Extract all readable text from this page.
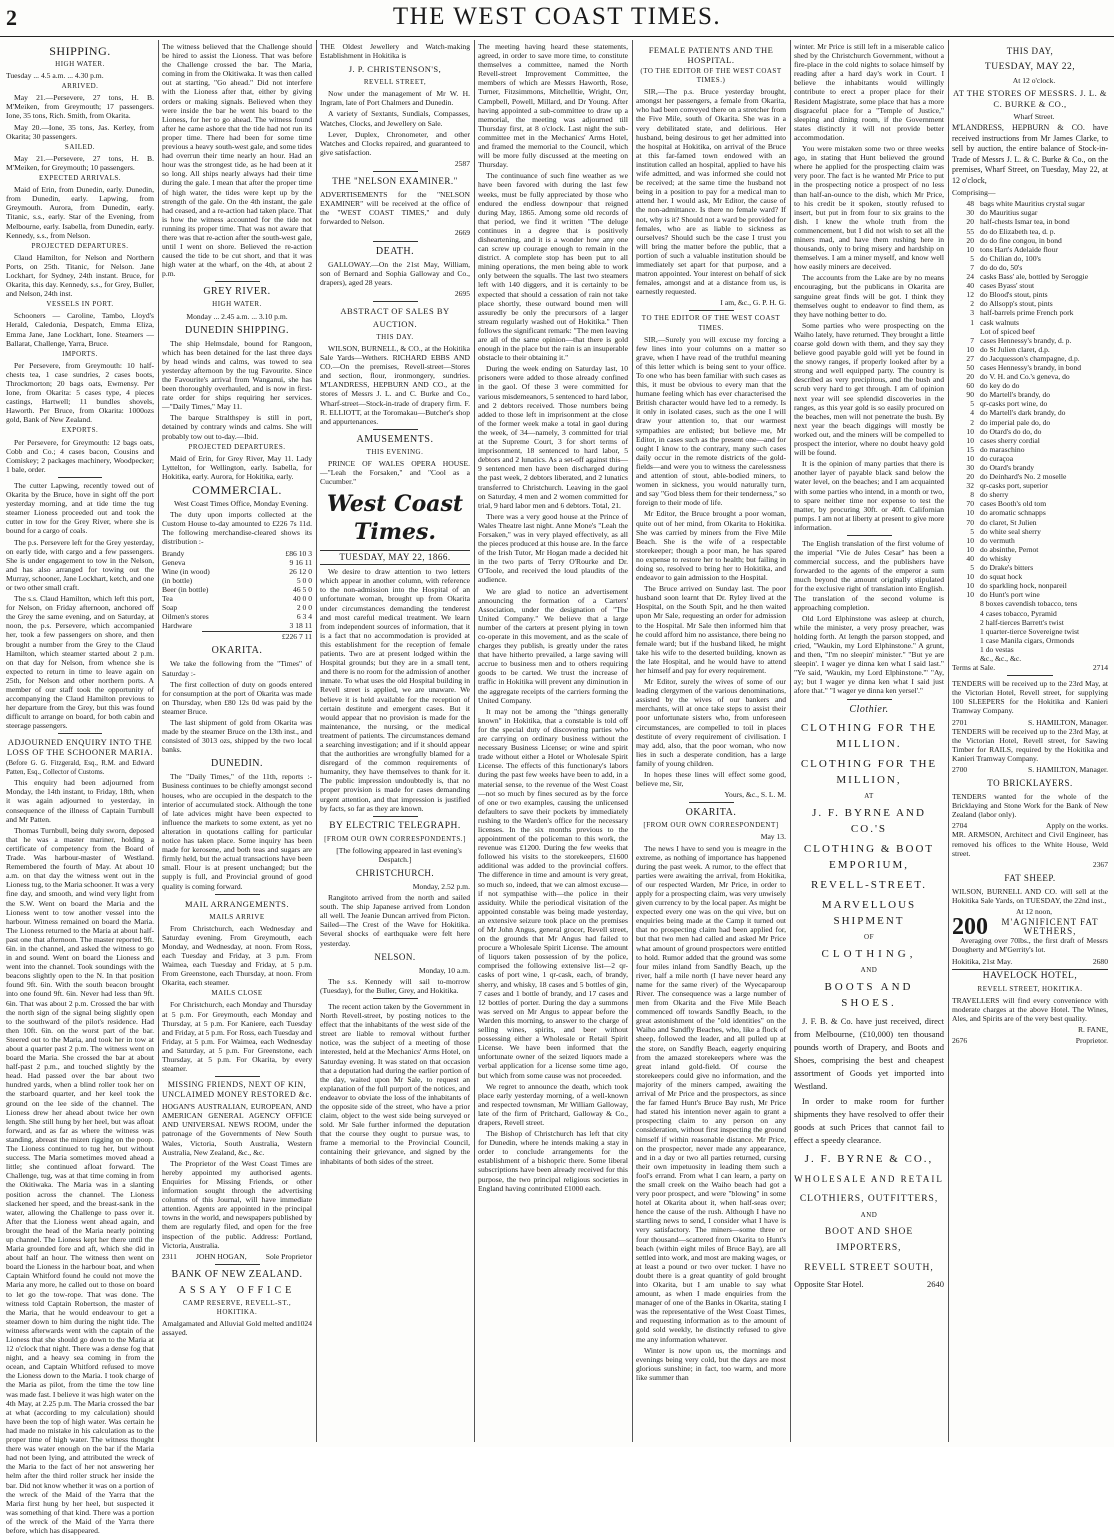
2	THE WEST COAST TIMES.
SHIPPING.
HIGH WATER.

Tuesday ... 4.5 a.m. ... 4.30 p.m.

ARRIVED.

May 21.—Persevere, 27 tons, H. B. M'Meiken, from Greymouth; 17 passengers. Ione, 35 tons, Rich. Smith, from Okarita.

May 20.—Ione, 35 tons, Jas. Kerley, from Okarita; 30 passengers.

SAILED.

May 21.—Persevere, 27 tons, H. B. M'Meiken, for Greymouth; 10 passengers.

EXPECTED ARRIVALS.

Maid of Erin, from Dunedin, early. Dunedin, from Dunedin, early. Lapwing, from Greymouth. Aurora, from Dunedin, early. Titanic, s.s., early. Star of the Evening, from Melbourne, early. Isabella, from Dunedin, early. Kennedy, s.s., from Nelson.

PROJECTED DEPARTURES.

Claud Hamilton, for Nelson and Northern Ports, on 25th. Titanic, for Nelson. Jane Lockhart, for Sydney, 24th instant. Bruce, for Okarita, this day. Kennedy, s.s., for Grey, Buller, and Nelson, 24th inst.

VESSELS IN PORT.

Schooners — Caroline, Tambo, Lloyd's Herald, Caledonia, Despatch, Emma Eliza, Emma Jane, Jane Lockhart, Ione. Steamers — Ballarat, Challenge, Yarra, Bruce.

IMPORTS.

Per Persevere, from Greymouth: 10 half-chests tea, 1 case sundries, 2 cases boots, Throckmorton; 20 bags oats, Ewmensy. Per Ione, from Okarita: 5 cases type, 4 pieces castings, Hartwell; 11 bundles shovels, Haworth. Per Bruce, from Okarita: 1000ozs gold, Bank of New Zealand.

EXPORTS.

Per Persevere, for Greymouth: 12 bags oats, Cobb and Co.; 4 cases bacon, Cousins and Comiskey; 2 packages machinery, Woodpecker; 1 bale, order.

The cutter Lapwing, recently towed out of Okarita by the Bruce, hove in sight off the port yesterday morning, and at tide time the tug steamer Lioness proceeded out and took the cutter in tow for the Grey River, where she is bound for a cargo of coals.

The p.s. Persevere left for the Grey yesterday, on early tide, with cargo and a few passengers. She is under engagement to tow in the Nelson, and has also arranged for towing out the Murray, schooner, Jane Lockhart, ketch, and one or two other small craft.

The s.s. Claud Hamilton, which left this port, for Nelson, on Friday afternoon, anchored off the Grey the same evening, and on Saturday, at noon, the p.s. Persevere, which accompanied her, took a few passengers on shore, and then brought a number from the Grey to the Claud Hamilton, which steamer started about 2 p.m. on that day for Nelson, from whence she is expected to return in time to leave again on 25th, for Nelson and other northern ports. A member of our staff took the opportunity of accompanying the Claud Hamilton previous to her departure from the Grey, but this was found difficult to arrange on board, for both cabin and steerage passengers.

ADJOURNED ENQUIRY INTO THE LOSS OF THE SCHOONER MARIA.

(Before G. G. Fitzgerald, Esq., R.M. and Edward Patten, Esq., Collector of Customs.

This enquiry had been adjourned from Monday, the 14th instant, to Friday, 18th, when it was again adjourned to yesterday, in consequence of the illness of Captain Turnbull and Mr Patten.

Thomas Turnbull, being duly sworn, deposed that he was a master mariner, holding a certificate of competency from the Board of Trade. Was harbour-master of Westland. Remembered the fourth of May. At about 10 a.m. on that day the witness went out in the Lioness tug, to the Maria schooner. It was a very fine day, and smooth, and wind very light from the S.W. Went on board the Maria and the Lioness went to tow another vessel into the harbour. Witness remained on board the Maria. The Lioness returned to the Maria at about half-past one that afternoon. The master reported 9ft. 6in. in the channel, and asked the witness to go in and sound. Went on board the Lioness and went into the channel. Took soundings with the beacons slightly open to the N. In that position found 9ft. 6in. With the south beacon brought into one found 9ft. 6in. Never had less than 9ft. 6in. That was about 2 p.m. Crossed the bar with the north sign of the signal being slightly open to the southward of the pilot's residence. Had then 10ft. 6in. on the worst part of the bar. Steered out to the Maria, and took her in tow at about a quarter past 2 p.m. The witness went on board the Maria. She crossed the bar at about half-past 2 p.m., and touched slightly by the head. Had passed over the bar about two hundred yards, when a blind roller took her on the starboard quarter, and her keel took the ground on the lee side of the channel. The Lioness drew her ahead about twice her own length. She still hung by her heel, but was afloat forward, and as far as where the witness was standing, abreast the mizen rigging on the poop. The Lioness continued to tug her, but without success. The Maria sometimes moved ahead a little; she continued afloat forward. The Challenge, tug, was at that time coming in from the Okitiwaka. The Maria was in a slanting position across the channel. The Lioness slackened her speed, and the breast-sank in the water, allowing the Challenge to pass over it. After that the Lioness went ahead again, and brought the head of the Maria nearly pointing up channel. The Lioness kept her there until the Maria grounded fore and aft, which she did in about half an hour. The witness then went on board the Lioness in the harbour boat, and when Captain Whitford found he could not move the Maria any more, he called out to those on board to let go the tow-rope. That was done. The witness told Captain Robertson, the master of the Maria, that he would endeavour to get a steamer down to him during the night tide. The witness afterwards went with the captain of the Lioness that she should go down to the Maria at 12 o'clock that night. There was a dense fog that night, and a heavy sea coming in from the ocean, and Captain Whitford refused to move the Lioness down to the Maria. I took charge of the Maria as pilot, from the time the tow line was made fast. I believe it was high water on the 4th May, at 2.25 p.m. The Maria crossed the bar at what (according to my calculation) should have been the top of high water. Was certain he had made no mistake in his calculation as to the proper time of high water. The witness thought there was water enough on the bar if the Maria had not been lying, and attributed the wreck of the Maria to the fact of her not answering her helm after the third roller struck her inside the bar. Did not know whether it was on a portion of the wreck of the Maid of the Yarra that the Maria first hung by her heel, but suspected it was something of that kind. There was a portion of the wreck of the Maid of the Yarra there before, which has disappeared.

The witness believed that the Challenge should be hired to assist the Lioness. That was before the Challenge crossed the bar. The Maria, coming in from the Okitiwaka. It was then called out at starting, "Go ahead." Did not interfere with the Lioness after that, either by giving orders or making signals. Believed when they were inside the bar he went his board to the Lioness, for her to go ahead. The witness found after he came ashore that the tide had not run its proper time. There had been for some time previous a heavy south-west gale, and some tides had overrun their time nearly an hour. Had an hour was the strongest tide, as he had been at it so long. All ships nearly always had their time during the gale. I mean that after the proper time of high water, the tides were kept up by the strength of the gale. On the 4th instant, the gale had ceased, and a re-action had taken place. That is how the witness accounted for the tide not running its proper time. That was not aware that there was that re-action after the south-west gale, until I went on shore. Believed the re-action caused the tide to be cut short, and that it was high water at the wharf, on the 4th, at about 2 p.m.

GREY RIVER.
HIGH WATER.

Monday ... 2.45 a.m. ... 3.10 p.m.

DUNEDIN SHIPPING.

The ship Helmsdale, bound for Rangoon, which has been detained for the last three days by head winds and calms, was towed to sea yesterday afternoon by the tug Favourite. Since the Favourite's arrival from Wanganui, she has been thoroughly overhauled, and is now in first-rate order for ships requiring her services.—"Daily Times," May 11.

The barque Stralthspey is still in port, detained by contrary winds and calms. She will probably tow out to-day.—Ibid.

PROJECTED DEPARTURES.

Maid of Erin, for Grey River, May 11. Lady Lyttelton, for Wellington, early. Isabella, for Hokitika, early. Aurora, for Hokitika, early.

COMMERCIAL.

West Coast Times Office, Monday Evening.

The duty upon imports collected at the Custom House to-day amounted to £226 7s 11d. The following merchandise-cleared shows its distribution :-

Brandy	£86 10 3
Geneva	9 16 11
Wine (in wood)	26 12 0
(in bottle)	5 0 0
Beer (in bottle)	46 5 0
Tea	40 0 0
Soap	2 0 0
Oilmen's stores	6 3 4
Hardware	3 18 11
£226 7 11
OKARITA.

We take the following from the "Times" of Saturday :-

The first collection of duty on goods entered for consumption at the port of Okarita was made on Thursday, when £80 12s 0d was paid by the steamer Bruce.

The last shipment of gold from Okarita was made by the steamer Bruce on the 13th inst., and consisted of 3013 ozs, shipped by the two local banks.

DUNEDIN.

The "Daily Times," of the 11th, reports :- Business continues to be chiefly amongst second houses, who are occupied in the despatch to the interior of accumulated stock. Although the tone of late advices might have been expected to influence the markets to some extent, as yet no alteration in quotations calling for particular notice has taken place. Some inquiry has been made for kerosene, and both teas and sugars are firmly held, but the actual transactions have been small. Flour is at present unchanged; but the supply is full, and Provincial ground of good quality is coming forward.

MAIL ARRANGEMENTS.
MAILS ARRIVE

From Christchurch, each Wednesday and Saturday evening. From Greymouth, each Monday, and Wednesday, at noon. From Ross, each Tuesday and Friday, at 3 p.m. From Waimea, each Tuesday and Friday, at 5 p.m. From Greenstone, each Thursday, at noon. From Okarita, each steamer.

MAILS CLOSE

For Christchurch, each Monday and Thursday at 5 p.m. For Greymouth, each Monday and Thursday, at 5 p.m. For Kaniere, each Tuesday and Friday, at 5 p.m. For Ross, each Tuesday and Friday, at 5 p.m. For Waimea, each Wednesday and Saturday, at 5 p.m. For Greenstone, each Thursday, at 5 p.m. For Okarita, by every steamer.

MISSING FRIENDS, NEXT OF KIN, UNCLAIMED MONEY RESTORED &c.

HOGAN'S AUSTRALIAN, EUROPEAN, AND AMERICAN GENERAL AGENCY OFFICE AND UNIVERSAL NEWS ROOM, under the patronage of the Governments of New South Wales, Victoria, South Australia, Western Australia, New Zealand, &c., &c.

The Proprietor of the West Coast Times are hereby appointed my authorised agents. Enquiries for Missing Friends, or other information sought through the advertising columns of this Journal, will have immediate attention. Agents are appointed in the principal towns in the world, and newspapers published by them are regularly filed, and open for the free inspection of the public. Address: Portland, Victoria, Australia.

2311	JOHN HOGAN,	Sole Proprietor
BANK OF NEW ZEALAND.
ASSAY OFFICE
CAMP RESERVE, REVELL-ST., HOKITIKA.
Amalgamated and Alluvial Gold melted and assayed.
1024

THE Oldest Jewellery and Watch-making Establishment in Hokitika is

J. P. CHRISTENSON'S,
REVELL STREET,

Now under the management of Mr W. H. Ingram, late of Port Chalmers and Dunedin.

A variety of Sextants, Sundials, Compasses, Watches, Clocks, and Jewellery on Sale.

Lever, Duplex, Chronometer, and other Watches and Clocks repaired, and guaranteed to give satisfaction.

2587

THE "NELSON EXAMINER."

ADVERTISEMENTS for the "NELSON EXAMINER" will be received at the office of the "WEST COAST TIMES," and duly forwarded to Nelson.

2669

DEATH.

GALLOWAY.—On the 21st May, William, son of Bernard and Sophia Galloway and Co., drapers), aged 28 years.

2695

ABSTRACT OF SALES BY AUCTION.
THIS DAY.

WILSON, BURNELL, & CO., at the Hokitika Sale Yards—Wethers. RICHARD EBBS AND CO.—On the premises, Revell-street—Stores and section, flour, ironmongery, sundries. M'LANDRESS, HEPBURN AND CO., at the stores of Messrs J. L. and C. Burke and Co., Wharf-street—Stock-in-trade of drapery firm. F. R. ELLIOTT, at the Toromakau—Butcher's shop and appurtenances.

AMUSEMENTS.
THIS EVENING.

PRINCE OF WALES OPERA HOUSE.—"Leah the Forsaken," and "Cool as a Cucumber."

West Coast Times.
TUESDAY, MAY 22, 1866.

We desire to draw attention to two letters which appear in another column, with reference to the non-admission into the Hospital of an unfortunate woman, brought up from Okarita under circumstances demanding the tenderest and most careful medical treatment. We learn from independent sources of information, that it is a fact that no accommodation is provided at this establishment for the reception of female patients. Two are at present lodged within the Hospital grounds; but they are in a small tent, and there is no room for the admission of another inmate. To what uses the old Hospital building in Revell street is applied, we are unaware. We believe it is held available for the reception of certain destitute and emergent cases. But it would appear that no provision is made for the maintenance, the nursing, or the medical treatment of patients. The circumstances demand a searching investigation; and if it should appear that the authorities are wrongfully blamed for a disregard of the common requirements of humanity, they have themselves to thank for it. The public impression undoubtedly is, that no proper provision is made for cases demanding urgent attention, and that impression is justified by facts, so far as they are known.

BY ELECTRIC TELEGRAPH.
[FROM OUR OWN CORRESPONDENTS.]

[The following appeared in last evening's Despatch.]

CHRISTCHURCH.

Monday, 2.52 p.m.

Rangitoto arrived from the north and sailed south. The ship Japanese arrived from London all well. The Jeanie Duncan arrived from Picton. Sailed—The Crest of the Wave for Hokitika. Several shocks of earthquake were felt here yesterday.

NELSON.

Monday, 10 a.m.

The s.s. Kennedy will sail to-morrow (Tuesday), for the Buller, Grey, and Hokitika.

The recent action taken by the Government in North Revell-street, by posting notices to the effect that the inhabitants of the west side of the street are liable to removal without further notice, was the subject of a meeting of those interested, held at the Mechanics' Arms Hotel, on Saturday evening. It was stated on that occasion that a deputation had during the earlier portion of the day, waited upon Mr Sale, to request an explanation of the full purport of the notices, and endeavor to obviate the loss of the inhabitants of the opposite side of the street, who have a prior claim, object to the west side being surveyed or sold. Mr Sale further informed the deputation that the course they ought to pursue was, to frame a memorial to the Provincial Council, containing their grievance, and signed by the inhabitants of both sides of the street.

The meeting having heard these statements, agreed, in order to save more time, to constitute themselves a committee, named the North Revell-street Improvement Committee, the members of which are Messrs Haworth, Rose, Turner, Fitzsimmons, Mitchelltie, Wright, Orr, Campbell, Powell, Millard, and Dr Young. After having appointed a sub-committee to draw up a memorial, the meeting was adjourned till Thursday first, at 8 o'clock. Last night the sub-committee met in the Mechanics' Arms Hotel, and framed the memorial to the Council, which will be more fully discussed at the meeting on Thursday.

The continuance of such fine weather as we have been favored with during the last few weeks, must be fully appreciated by those who endured the endless downpour that reigned during May, 1865. Among some old records of that period, we find it written "The deluge continues in a degree that is positively disheartening, and it is a wonder how any one can screw up courage enough to remain in the district. A complete stop has been put to all mining operations, the men being able to work only between the squalls. The last two steamers left with 140 diggers, and it is certainly to be expected that should a cessation of rain not take place shortly, these outward bound men will assuredly be only the precursors of a larger stream regularly washed out of Hokitika." Then follows the significant remark: "The men leaving are all of the same opinion—that there is gold enough in the place but the rain is an insuperable obstacle to their obtaining it."

During the week ending on Saturday last, 10 prisoners were added to those already confined in the gaol. Of these 3 were committed for various misdemeanors, 5 sentenced to hard labor, and 2 debtors received. Those numbers being added to those left in imprisonment at the close of the former week make a total in gaol during the week, of 34—namely, 3 committed for trial at the Supreme Court, 3 for short terms of imprisonment, 18 sentenced to hard labor, 5 debtors and 2 lunatics. As a set-off against this—9 sentenced men have been discharged during the past week, 2 debtors liberated, and 2 lunatics transferred to Christchurch. Leaving in the gaol on Saturday, 4 men and 2 women committed for trial, 9 hard labor men and 6 debtors. Total, 21.

There was a very good house at the Prince of Wales Theatre last night. Anne Mone's "Leah the Forsaken," was in very played effectively, as all the pieces produced at this house are. In the farce of the Irish Tutor, Mr Hogan made a decided hit in the two parts of Terry O'Rourke and Dr. O'Toole, and received the loud plaudits of the audience.

We are glad to notice an advertisement announcing the formation of a Carters' Association, under the designation of "The United Company." We believe that a large number of the carters at present plying in town co-operate in this movement, and as the scale of charges they publish, is greatly under the rates that have hitherto prevailed, a large saving will accrue to business men and to others requiring goods to be carted. We trust the increase of traffic in Hokitika will prevent any diminution in the aggregate receipts of the carriers forming the United Company.

It may not be among the "things generally known" in Hokitika, that a constable is told off for the special duty of discovering parties who are carrying on ordinary business without the necessary Business License; or wine and spirit trade without either a Hotel or Wholesale Spirit License. The effects of this functionary's labors during the past few weeks have been to add, in a material sense, to the revenue of the West Coast—not so much by fines secured as by the force of one or two examples, causing the unlicensed defaulters to save their pockets by immediately rushing to the Warden's office for the necessary licenses. In the six months previous to the appointment of the policeman to this work, the revenue was £1200. During the few weeks that followed his visits to the storekeepers, £1600 additional was added to the provincial coffers. The difference in time and amount is very great, so much so, indeed, that we can almost excuse—if not sympathise with—the police in their assiduity. While the periodical visitation of the appointed constable was being made yesterday, an extensive seizure took place on the premises of Mr John Angus, general grocer, Revell street, on the grounds that Mr Angus had failed to procure a Wholesale Spirit License. The amount of liquors taken possession of by the police, comprised the following extensive list—2 qr-casks of port wine, 1 qr-cask, each, of brandy, sherry, and whisky, 18 cases and 5 bottles of gin, 7 cases and 1 bottle of brandy, and 17 cases and 12 bottles of porter. During the day a summons was served on Mr Angus to appear before the Warden this morning, to answer to the charge of selling wines, spirits, and beer without possessing either a Wholesale or Retail Spirit License. We have been informed that the unfortunate owner of the seized liquors made a verbal application for a license some time ago, but which from some cause was not proceeded.

We regret to announce the death, which took place early yesterday morning, of a well-known and respected townsman, Mr William Galloway, late of the firm of Pritchard, Galloway & Co., drapers, Revell street.

The Bishop of Christchurch has left that city for Dunedin, where he intends making a stay in order to conclude arrangements for the establishment of a bishopric there. Some liberal subscriptions have been already received for this purpose, the two principal religious societies in England having contributed £1000 each.

FEMALE PATIENTS AND THE HOSPITAL.
(TO THE EDITOR OF THE WEST COAST TIMES.)

SIR,—The p.s. Bruce yesterday brought, amongst her passengers, a female from Okarita, who had been conveyed there on a stretcher from the Five Mile, south of Okarita. She was in a very debilitated state, and delirious. Her husband, being desirous to get her admitted into the hospital at Hokitika, on arrival of the Bruce at this far-famed town endowed with an institution called an hospital, applied to have his wife admitted, and was informed she could not be received; at the same time the husband not being in a position to pay for a medical man to attend her. I would ask, Mr Editor, the cause of the non-admittance. Is there no female ward? If not, why is it? Should not a ward be provided for females, who are as liable to sickness as ourselves? Should such be the case I trust you will bring the matter before the public, that a portion of such a valuable institution should be immediately set apart for that purpose, and a matron appointed. Your interest on behalf of sick females, amongst and at a distance from us, is earnestly requested.

I am, &c., G. P. H. G.

TO THE EDITOR OF THE WEST COAST TIMES.

SIR,—Surely you will excuse my forcing a few lines into your columns on a matter so grave, when I have read of the truthful meaning of this letter which is being sent to your office. To one who has been familiar with such cases as this, it must be obvious to every man that the humane feeling which has ever characterised the British character would have led to a remedy. Is it only in isolated cases, such as the one I will draw your attention to, that our warmest sympathies are enlisted; but believe me, Mr Editor, in cases such as the present one—and for ought I know to the contrary, many such cases daily occur in the remote districts of the gold-fields—and were you to witness the carelessness and attention of stout, able-bodied miners, to women in sickness, you would naturally turn, and say "God bless them for their tenderness," so foreign to their mode of life.

Mr Editor, the Bruce brought a poor woman, quite out of her mind, from Okarita to Hokitika. She was carried by miners from the Five Mile Beach. She is the wife of a respectable storekeeper; though a poor man, he has spared no expense to restore her to health; but failing in doing so, resolved to bring her to Hokitika, and endeavor to gain admission to the Hospital.

The Bruce arrived on Sunday last. The poor husband soon learnt that Dr. Ryley lived at the Hospital, on the South Spit, and he then waited upon Mr Sale, requesting an order for admission to the Hospital. Mr Sale then informed him that he could afford him no assistance, there being no female ward; but if the husband liked, he might take his wife to the deserted building, known as the late Hospital, and he would have to attend her himself and pay for every requirement.

Mr Editor, surely the wives of some of our leading clergymen of the various denominations, assisted by the wives of our bankers and merchants, will at once take steps to assist their poor unfortunate sisters who, from unforeseen circumstances, are compelled to toil in places destitute of every requirement of civilisation. I may add, also, that the poor woman, who now lies in such a desperate condition, has a large family of young children.

In hopes these lines will effect some good, believe me, Sir,

Yours, &c., S. L. M.

OKARITA.
[FROM OUR OWN CORRESPONDENT]

May 13.

The news I have to send you is meagre in the extreme, as nothing of importance has happened during the past week. A rumor, to the effect that parties were awaiting the arrival, from Hokitika, of our respected Warden, Mr Price, in order to apply for a prospecting claim, was very unwisely given currency to by the local paper. As might be expected every one was on the qui vive, but on enquiries being made at the Camp it turned out that no prospecting claim had been applied for, but that two men had called and asked Mr Price what amount of ground prospectors were entitled to hold. Rumor added that the ground was some four miles inland from Sandfly Beach, up the river, half a mile north (I have never heard any name for the same river) of the Wyecaparoup River. The consequence was a large number of men from Okarita and the Five Mile Beach commenced off towards Sandfly Beach, to the great astonishment of the "old identities" on the Waiho and Sandfly Beaches, who, like a flock of sheep, followed the leader, and all pulled up at the store, on Sandfly Beach, eagerly enquiring from the amazed storekeepers where was the great inland gold-field. Of course the storekeepers could give no information, and the majority of the miners camped, awaiting the arrival of Mr Price and the prospectors, as since the far famed Hunt's Bruce Bay rush, Mr Price had stated his intention never again to grant a prospecting claim to any person on any consideration, without first inspecting the ground himself if within reasonable distance. Mr Price, on the prospector, never made any appearance, and in a day or two all parties returned, cursing their own impetuosity in leading them such a fool's errand. From what I can learn, a party on the small creek on the Waiho beach had got a very poor prospect, and were "blowing" in some hotel at Okarita about it, when half-seas over; hence the cause of the rush. Although I have no startling news to send, I consider what I have is very satisfactory. The miners—some three or four thousand—scattered from Okarita to Hunt's beach (within eight miles of Bruce Bay), are all settled into work, and most are making wages, or at least a pound or two over tucker. I have no doubt there is a great quantity of gold brought into Okarita, but I am unable to say what amount, as when I made enquiries from the manager of one of the Banks in Okarita, stating I was the representative of the West Coast Times, and requesting information as to the amount of gold sold weekly, he distinctly refused to give me any information whatever.

Winter is now upon us, the mornings and evenings being very cold, but the days are most glorious sunshine; in fact, too warm, and more like summer than

winter. Mr Price is still left in a miserable calico shed by the Christchurch Government, without a fire-place in the cold nights to solace himself by reading after a hard day's work in Court. I believe the inhabitants would willingly contribute to erect a proper place for their Resident Magistrate, some place that has a more disgraceful place for a "Temple of Justice," sleeping and dining room, if the Government states distinctly it will not provide better accommodation.

You were mistaken some two or three weeks ago, in stating that Hunt believed the ground where he applied for the prospecting claim was very poor. The fact is he wanted Mr Price to put in the prospecting notice a prospect of no less than half-an-ounce to the dish, which Mr Price, to his credit be it spoken, stoutly refused to insert, but put in from four to six grains to the dish. I knew the whole truth from the commencement, but I did not wish to set all the miners mad, and have them rushing here in thousands, only to bring misery and hardship on themselves. I am a miner myself, and know well how easily miners are deceived.

The accounts from the Lake are by no means encouraging, but the publicans in Okarita are sanguine great finds will be got. I think they themselves ought to endeavor to find them, as they have nothing better to do.

Some parties who were prospecting on the Waiho lately, have returned. They brought a little coarse gold down with them, and they say they believe good payable gold will yet be found in the snowy ranges, if properly looked after by a strong and well equipped party. The country is described as very precipitous, and the bush and scrub very hard to get through. I am of opinion next year will see splendid discoveries in the ranges, as this year gold is so easily procured on the beaches, men will not penetrate the bush. By next year the beach diggings will mostly be worked out, and the miners will be compelled to prospect the interior, where no doubt heavy gold will be found.

It is the opinion of many parties that there is another layer of payable black sand below the water level, on the beaches; and I am acquainted with some parties who intend, in a month or two, to spare neither time nor expense to test the matter, by procuring 30ft. or 40ft. Californian pumps. I am not at liberty at present to give more information.

The English translation of the first volume of the imperial "Vie de Jules Cesar" has been a commercial success, and the publishers have forwarded to the agents of the emperor a sum much beyond the amount originally stipulated for the exclusive right of translation into English. The translation of the second volume is approaching completion.

Old Lord Elphinstone was asleep at church, while the minister, a very prosy preacher, was holding forth. At length the parson stopped, and cried, "Waukin, my Lord Elphinstone." A grunt, and then, "I'm no sleepin' minister." "But ye are sleepin'. I wager ye dinna ken what I said last." "Ye said, 'Waukin, my Lord Elphinstone.'" "Ay, ay; but I wager ye dinna ken what I said just afore that." "I wager ye dinna ken yersel'."

Clothier.
CLOTHING FOR THE MILLION.
CLOTHING FOR THE MILLION,
AT
J. F. BYRNE AND CO.'S
CLOTHING & BOOT EMPORIUM,
REVELL-STREET.
MARVELLOUS SHIPMENT
OF
CLOTHING,
AND
BOOTS AND SHOES.

J. F. B. & Co. have just received, direct from Melbourne, (£10,000) ten thousand pounds worth of Drapery, and Boots and Shoes, comprising the best and cheapest assortment of Goods yet imported into Westland.

In order to make room for further shipments they have resolved to offer their goods at such Prices that cannot fail to effect a speedy clearance.

J. F. BYRNE & CO.,
WHOLESALE AND RETAIL
CLOTHIERS, OUTFITTERS,
AND
BOOT AND SHOE IMPORTERS,
REVELL STREET SOUTH,
Opposite Star Hotel.	2640
THIS DAY,
TUESDAY, MAY 22,

At 12 o'clock.

AT THE STORES OF MESSRS. J. L. & C. BURKE & CO.,

Wharf Street.

M'LANDRESS, HEPBURN & CO. have received instructions from Mr James Clarke, to sell by auction, the entire balance of Stock-in-Trade of Messrs J. L. & C. Burke & Co., on the premises, Wharf Street, on Tuesday, May 22, at 12 o'clock,

Comprising—

48 bags white Mauritius crystal sugar
30 do Mauritius sugar
20 half-chests Ismar tea, in bond
55 do do Elizabeth tea, d. p.
20 do do fine congou, in bond
10 tons Hart's Adelaide flour
5 do Chilian do, 100's
7 do do do, 50's
24 casks Bass' ale, bottled by Seroggie
40 cases Byass' stout
12 do Blood's stout, pints
2 do Allsopp's stout, pints
3 half-barrels prime French pork
1 cask walnuts
Lot of spiced beef
7 cases Hennessy's brandy, d. p.
10 do St Julien claret, d.p.
27 do Jacquesson's champagne, d.p.
50 cases Hennessy's brandy, in bond
20 do V. H. and Co.'s geneva, do
60 do key do do
90 do Martell's brandy, do
5 qr-casks port wine, do
4 do Martell's dark brandy, do
2 do imperial pale do, do
10 do Otard's do do, do
10 cases sherry cordial
15 do maraschino
10 do curaçoa
30 do Otard's brandy
20 do Deinhard's No. 2 moselle
32 qr-casks port, superior
8 do sherry
70 cases Booth's old tom
10 do aromatic schnapps
70 do claret, St Julien
5 do white seal sherry
10 do vermuth
10 do absinthe, Pernot
40 do whisky
5 do Drake's bitters
10 do squat hock
10 do sparkling hock, nonpareil
10 do Hunt's port wine
8 boxes cavendish tobacco, tens
4 cases tobacco, Pyramid
2 half-tierces Barrett's twist
1 quarter-tierce Sovereigne twist
1 case Manila cigars, Ormonds
1 do vestas
&c., &c., &c.
Terms at Sale.	2714

TENDERS will be received up to the 23rd May, at the Victorian Hotel, Revell street, for supplying 100 SLEEPERS for the Hokitika and Kanieri Tramway Company.

2701	S. HAMILTON, Manager.

TENDERS will be received up to the 23rd May, at the Victorian Hotel, Revell street, for Sawing Timber for RAILS, required by the Hokitika and Kanieri Tramway Company.

2700	S. HAMILTON, Manager.
TO BRICKLAYERS.

TENDERS wanted for the whole of the Bricklaying and Stone Work for the Bank of New Zealand (labor only).

2704	Apply on the works.

MR. ARMSON, Architect and Civil Engineer, has removed his offices to the White House, Weld street.

2367

FAT SHEEP.

WILSON, BURNELL AND CO. will sell at the Hokitika Sale Yards, on TUESDAY, the 22nd inst.,

At 12 noon,

200	M'AGNIFICENT FAT WETHERS,

Averaging over 70lbs., the first draft of Messrs Dougherty and M'Gerrity's lot.

Hokitika, 21st May.	2680
HAVELOCK HOTEL,
REVELL STREET, HOKITIKA.

TRAVELLERS will find every convenience with moderate charges at the above Hotel. The Wines, Ales, and Spirits are of the very best quality.

R. FANE,

2676	Proprietor.
